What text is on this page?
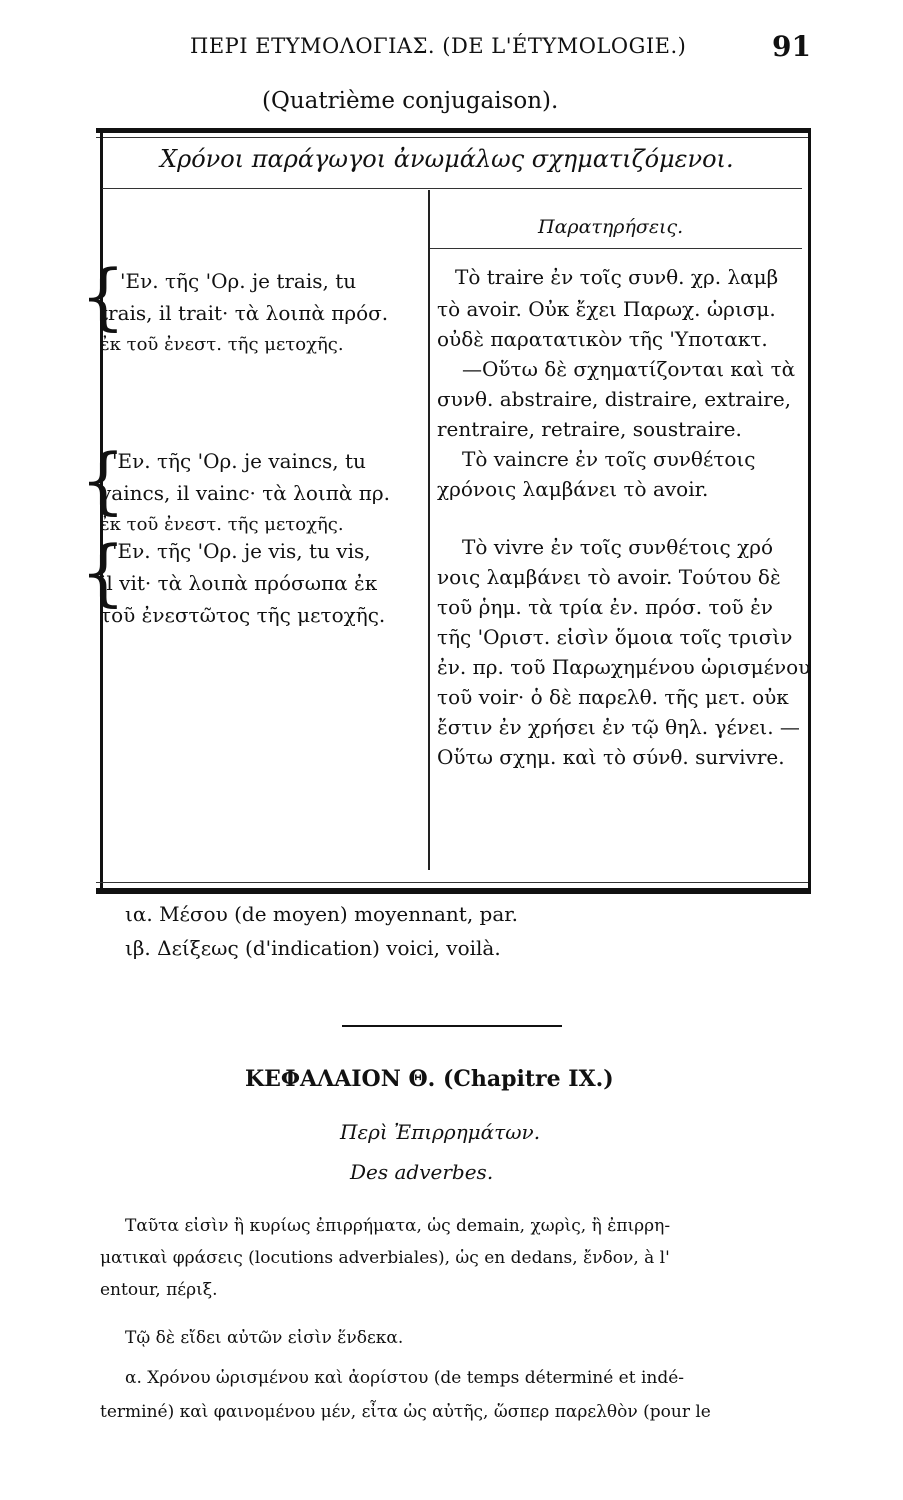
ΠΕΡΙ ΕΤΥΜΟΛΟΓΙΑΣ. (DE L'ÉTYMOLOGIE.)	91
(Quatrième conjugaison).
Χρόνοι παράγωγοι ἀνωμάλως σχηματιζόμενοι.
Παρατηρήσεις.
{
'Εν. τῆς 'Ορ. je trais, tu
trais, il trait· τὰ λοιπὰ πρόσ.
ἐκ τοῦ ἐνεστ. τῆς μετοχῆς.
{
'Εν. τῆς 'Ορ. je vaincs, tu
vaincs, il vainc· τὰ λοιπὰ πρ.
ἐκ τοῦ ἐνεστ. τῆς μετοχῆς.
{
'Εν. τῆς 'Ορ. je vis, tu vis,
il vit· τὰ λοιπὰ πρόσωπα ἐκ
τοῦ ἐνεστῶτος τῆς μετοχῆς.
Τὸ traire ἐν τοῖς συνθ. χρ. λαμβ
τὸ avoir. Οὐκ ἔχει Παρωχ. ὡρισμ.
οὐδὲ παρατατικὸν τῆς 'Υποτακτ.
—Οὕτω δὲ σχηματίζονται καὶ τὰ
συνθ. abstraire, distraire, extraire,
rentraire, retraire, soustraire.
Τὸ vaincre ἐν τοῖς συνθέτοις
χρόνοις λαμβάνει τὸ avoir.
Τὸ vivre ἐν τοῖς συνθέτοις χρό
νοις λαμβάνει τὸ avoir. Τούτου δὲ
τοῦ ῥημ. τὰ τρία ἐν. πρόσ. τοῦ ἐν
τῆς 'Οριστ. εἰσὶν ὅμοια τοῖς τρισὶν
ἐν. πρ. τοῦ Παρωχημένου ὡρισμένου
τοῦ voir· ὁ δὲ παρελθ. τῆς μετ. οὐκ
ἔστιν ἐν χρήσει ἐν τῷ θηλ. γένει. —
Οὕτω σχημ. καὶ τὸ σύνθ. survivre.
ια. Μέσου (de moyen) moyennant, par.
ιβ. Δείξεως (d'indication) voici, voilà.
ΚΕΦΑΛΑΙΟΝ Θ. (Chapitre IX.)
Περὶ Ἐπιρρημάτων.
Des adverbes.
Ταῦτα εἰσὶν ἢ κυρίως ἐπιρρήματα, ὡς demain, χωρὶς, ἢ ἐπιρρη-
ματικαὶ φράσεις (locutions adverbiales), ὡς en dedans, ἔνδον, à l'
entour, πέριξ.
Τῷ δὲ εἴδει αὐτῶν εἰσὶν ἕνδεκα.
α. Χρόνου ὡρισμένου καὶ ἀορίστου (de temps déterminé et indé-
terminé) καὶ φαινομένου μέν, εἶτα ὡς αὐτῆς, ὥσπερ παρελθὸν (pour le
